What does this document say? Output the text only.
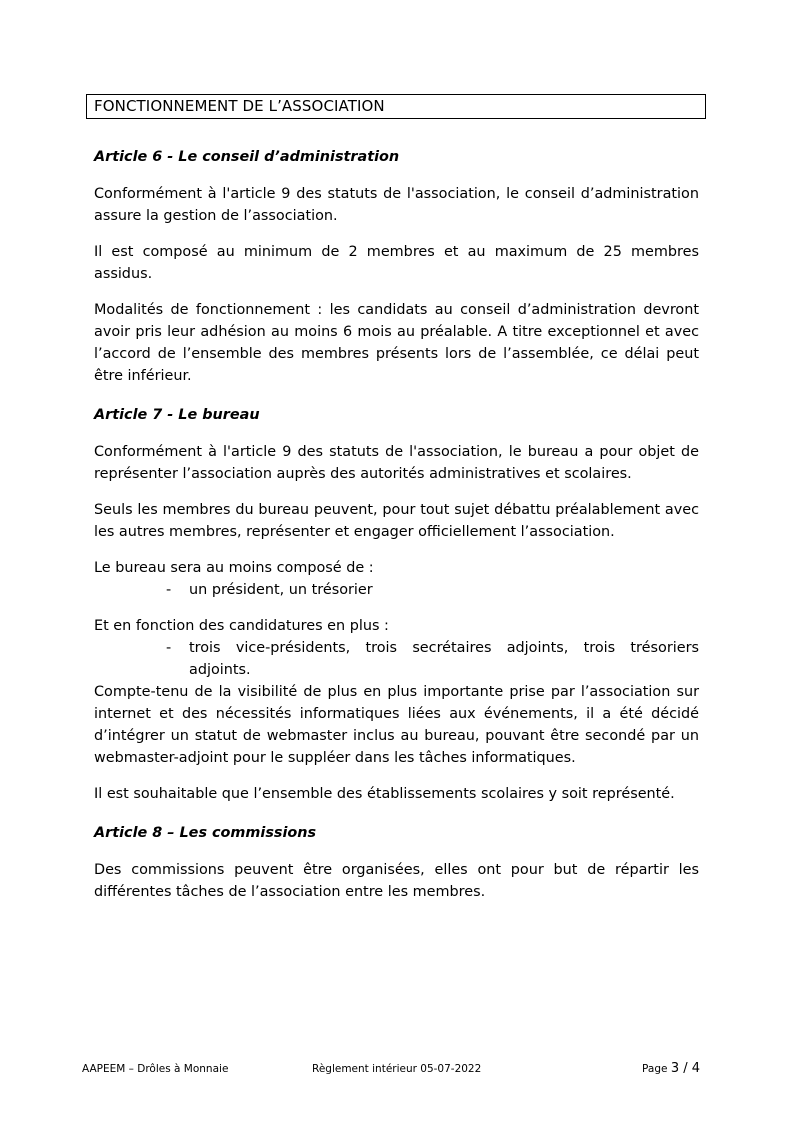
FONCTIONNEMENT DE L’ASSOCIATION

Article 6 - Le conseil d’administration

Conformément à l'article 9 des statuts de l'association, le conseil d’administration assure la gestion de l’association.

Il est composé au minimum de 2 membres et au maximum de 25 membres assidus.

Modalités de fonctionnement : les candidats au conseil d’administration devront avoir pris leur adhésion au moins 6 mois au préalable. A titre exceptionnel et avec l’accord de l’ensemble des membres présents lors de l’assemblée, ce délai peut être inférieur.

Article 7 - Le bureau

Conformément à l'article 9 des statuts de l'association, le bureau a pour objet de représenter l’association auprès des autorités administratives et scolaires.

Seuls les membres du bureau peuvent, pour tout sujet débattu préalablement avec les autres membres, représenter et engager officiellement l’association.

Le bureau sera au moins composé de :

- un président, un trésorier

Et en fonction des candidatures en plus :

- trois vice-présidents, trois secrétaires adjoints, trois trésoriers adjoints.

Compte-tenu de la visibilité de plus en plus importante prise par l’association sur internet et des nécessités informatiques liées aux événements, il a été décidé d’intégrer un statut de webmaster inclus au bureau, pouvant être secondé par un webmaster-adjoint pour le suppléer dans les tâches informatiques.

Il est souhaitable que l’ensemble des établissements scolaires y soit représenté.

Article 8 – Les commissions

Des commissions peuvent être organisées, elles ont pour but de répartir les différentes tâches de l’association entre les membres.

AAPEEM – Drôles à Monnaie	Règlement intérieur 05-07-2022	Page 3 / 4
